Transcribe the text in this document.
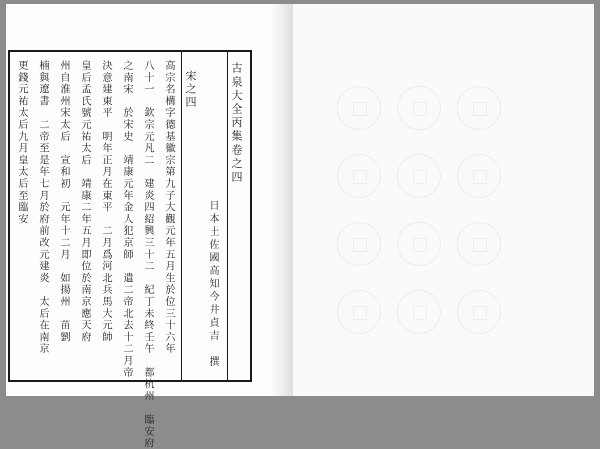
古泉大全丙集卷之四
日本土佐國高知今井貞吉　撰
宋之四
高宗名構字德基徽宗第九子大觀元年五月生於位三十六年
八十一　欽宗元凡二　建炎四紹興三十二　紀丁未終壬午　都杭州　臨安府
之南宋　於宋史　靖康元年金人犯京師　遣二帝北去十二月帝
決意建東平　明年正月在東平　二月爲河北兵馬大元帥
皇后孟氏號元祐太后　靖康二年五月即位於南京應天府
州自淮州宋太后　宣和初　元年十二月　如揚州　苗劉
楠與遼書　二帝至是年七月於府前改元建炎　太后在南京
更錢元祐太后九月皇太后至臨安
